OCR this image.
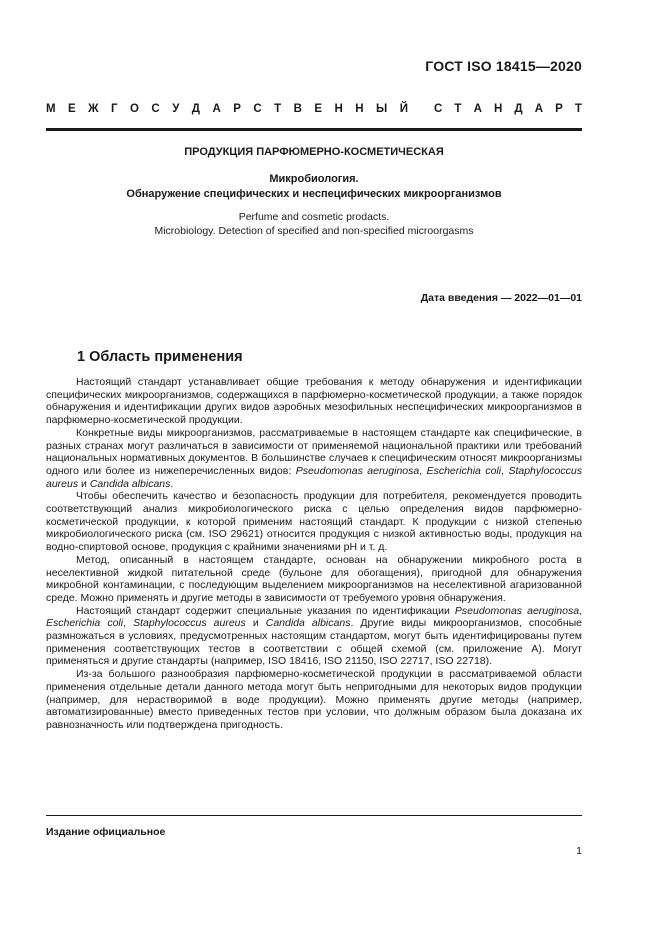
ГОСТ ISO 18415—2020
М Е Ж Г О С У Д А Р С Т В Е Н Н Ы Й С Т А Н Д А Р Т
ПРОДУКЦИЯ ПАРФЮМЕРНО-КОСМЕТИЧЕСКАЯ
Микробиология.
Обнаружение специфических и неспецифических микроорганизмов
Perfume and cosmetic prodacts.
Microbiology. Detection of specified and non-specified microorgasms
Дата введения — 2022—01—01
1 Область применения

Настоящий стандарт устанавливает общие требования к методу обнаружения и идентификации специфических микроорганизмов, содержащихся в парфюмерно-косметической продукции, а также порядок обнаружения и идентификации других видов аэробных мезофильных неспецифических микроорганизмов в парфюмерно-косметической продукции.

Конкретные виды микроорганизмов, рассматриваемые в настоящем стандарте как специфические, в разных странах могут различаться в зависимости от применяемой национальной практики или требований национальных нормативных документов. В большинстве случаев к специфическим относят микроорганизмы одного или более из нижеперечисленных видов: Pseudomonas aeruginosa, Escherichia coli, Staphylococcus aureus и Candida albicans.

Чтобы обеспечить качество и безопасность продукции для потребителя, рекомендуется проводить соответствующий анализ микробиологического риска с целью определения видов парфюмерно-косметической продукции, к которой применим настоящий стандарт. К продукции с низкой степенью микробиологического риска (см. ISO 29621) относится продукция с низкой активностью воды, продукция на водно-спиртовой основе, продукция с крайними значениями pH и т. д.

Метод, описанный в настоящем стандарте, основан на обнаружении микробного роста в неселективной жидкой питательной среде (бульоне для обогащения), пригодной для обнаружения микробной контаминации, с последующим выделением микроорганизмов на неселективной агаризованной среде. Можно применять и другие методы в зависимости от требуемого уровня обнаружения.

Настоящий стандарт содержит специальные указания по идентификации Pseudomonas aeruginosa, Escherichia coli, Staphylococcus aureus и Candida albicans. Другие виды микроорганизмов, способные размножаться в условиях, предусмотренных настоящим стандартом, могут быть идентифицированы путем применения соответствующих тестов в соответствии с общей схемой (см. приложение А). Могут применяться и другие стандарты (например, ISO 18416, ISO 21150, ISO 22717, ISO 22718).

Из-за большого разнообразия парфюмерно-косметической продукции в рассматриваемой области применения отдельные детали данного метода могут быть непригодными для некоторых видов продукции (например, для нерастворимой в воде продукции). Можно применять другие методы (например, автоматизированные) вместо приведенных тестов при условии, что должным образом была доказана их равнозначность или подтверждена пригодность.

Издание официальное
1
